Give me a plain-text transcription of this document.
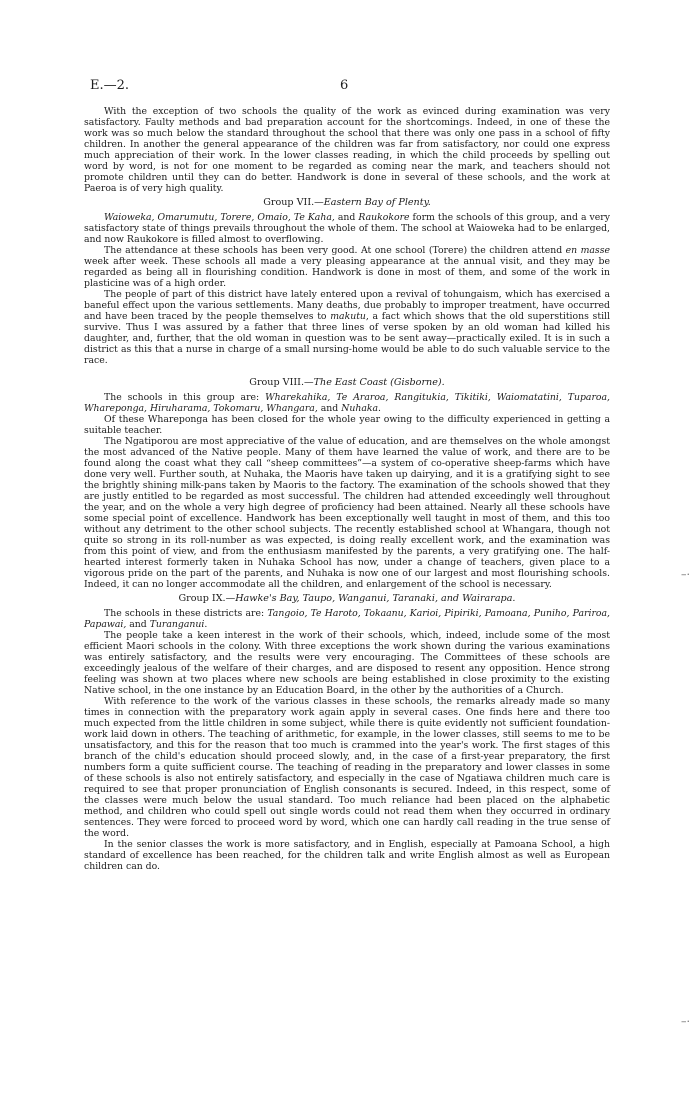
E.—2.	6
–·
–·

With the exception of two schools the quality of the work as evinced during examination was very satisfactory. Faulty methods and bad preparation account for the shortcomings. Indeed, in one of these the work was so much below the standard throughout the school that there was only one pass in a school of fifty children. In another the general appearance of the children was far from satisfactory, nor could one express much appreciation of their work. In the lower classes reading, in which the child proceeds by spelling out word by word, is not for one moment to be regarded as coming near the mark, and teachers should not promote children until they can do better. Handwork is done in several of these schools, and the work at Paeroa is of very high quality.

Group VII.—Eastern Bay of Plenty.

Waioweka, Omarumutu, Torere, Omaio, Te Kaha, and Raukokore form the schools of this group, and a very satisfactory state of things prevails throughout the whole of them. The school at Waioweka had to be enlarged, and now Raukokore is filled almost to overflowing.

The attendance at these schools has been very good. At one school (Torere) the children attend en masse week after week. These schools all made a very pleasing appearance at the annual visit, and they may be regarded as being all in flourishing condition. Handwork is done in most of them, and some of the work in plasticine was of a high order.

The people of part of this district have lately entered upon a revival of tohungaism, which has exercised a baneful effect upon the various settlements. Many deaths, due probably to improper treatment, have occurred and have been traced by the people themselves to makutu, a fact which shows that the old superstitions still survive. Thus I was assured by a father that three lines of verse spoken by an old woman had killed his daughter, and, further, that the old woman in question was to be sent away—practically exiled. It is in such a district as this that a nurse in charge of a small nursing-home would be able to do such valuable service to the race.

Group VIII.—The East Coast (Gisborne).

The schools in this group are: Wharekahika, Te Araroa, Rangitukia, Tikitiki, Waiomatatini, Tuparoa, Whareponga, Hiruharama, Tokomaru, Whangara, and Nuhaka.

Of these Whareponga has been closed for the whole year owing to the difficulty experienced in getting a suitable teacher.

The Ngatiporou are most appreciative of the value of education, and are themselves on the whole amongst the most advanced of the Native people. Many of them have learned the value of work, and there are to be found along the coast what they call “sheep committees”—a system of co-operative sheep-farms which have done very well. Further south, at Nuhaka, the Maoris have taken up dairying, and it is a gratifying sight to see the brightly shining milk-pans taken by Maoris to the factory. The examination of the schools showed that they are justly entitled to be regarded as most successful. The children had attended exceedingly well throughout the year, and on the whole a very high degree of proficiency had been attained. Nearly all these schools have some special point of excellence. Handwork has been exceptionally well taught in most of them, and this too without any detriment to the other school subjects. The recently established school at Whangara, though not quite so strong in its roll-number as was expected, is doing really excellent work, and the examination was from this point of view, and from the enthusiasm manifested by the parents, a very gratifying one. The half-hearted interest formerly taken in Nuhaka School has now, under a change of teachers, given place to a vigorous pride on the part of the parents, and Nuhaka is now one of our largest and most flourishing schools. Indeed, it can no longer accommodate all the children, and enlargement of the school is necessary.

Group IX.—Hawke's Bay, Taupo, Wanganui, Taranaki, and Wairarapa.

The schools in these districts are: Tangoio, Te Haroto, Tokaanu, Karioi, Pipiriki, Pamoana, Puniho, Pariroa, Papawai, and Turanganui.

The people take a keen interest in the work of their schools, which, indeed, include some of the most efficient Maori schools in the colony. With three exceptions the work shown during the various examinations was entirely satisfactory, and the results were very encouraging. The Committees of these schools are exceedingly jealous of the welfare of their charges, and are disposed to resent any opposition. Hence strong feeling was shown at two places where new schools are being established in close proximity to the existing Native school, in the one instance by an Education Board, in the other by the authorities of a Church.

With reference to the work of the various classes in these schools, the remarks already made so many times in connection with the preparatory work again apply in several cases. One finds here and there too much expected from the little children in some subject, while there is quite evidently not sufficient foundation-work laid down in others. The teaching of arithmetic, for example, in the lower classes, still seems to me to be unsatisfactory, and this for the reason that too much is crammed into the year's work. The first stages of this branch of the child's education should proceed slowly, and, in the case of a first-year preparatory, the first numbers form a quite sufficient course. The teaching of reading in the preparatory and lower classes in some of these schools is also not entirely satisfactory, and especially in the case of Ngatiawa children much care is required to see that proper pronunciation of English consonants is secured. Indeed, in this respect, some of the classes were much below the usual standard. Too much reliance had been placed on the alphabetic method, and children who could spell out single words could not read them when they occurred in ordinary sentences. They were forced to proceed word by word, which one can hardly call reading in the true sense of the word.

In the senior classes the work is more satisfactory, and in English, especially at Pamoana School, a high standard of excellence has been reached, for the children talk and write English almost as well as European children can do.
